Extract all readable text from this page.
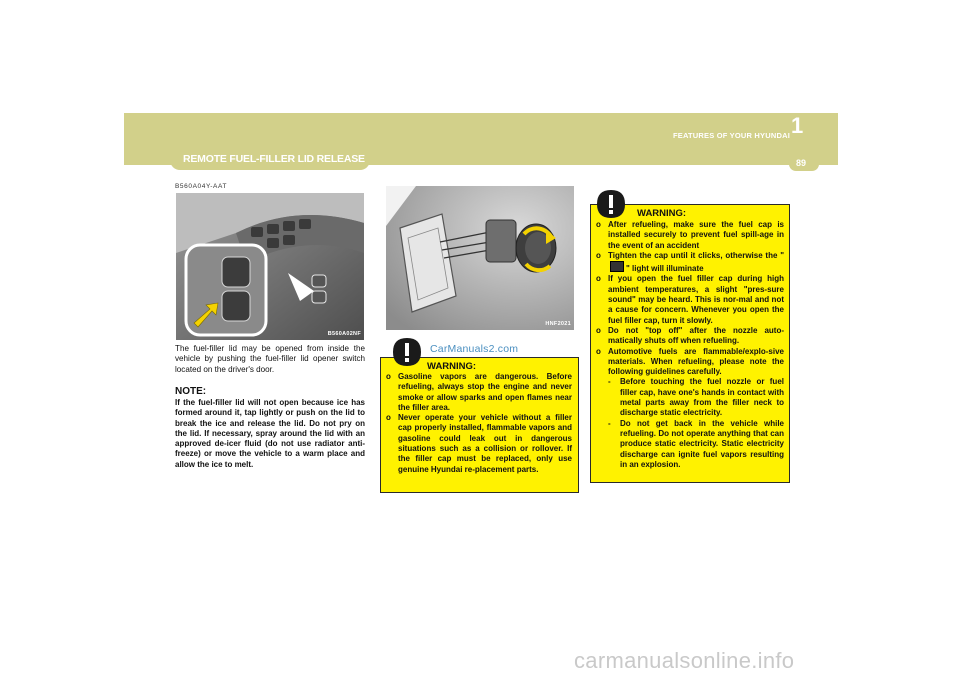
REMOTE FUEL-FILLER LID RELEASE
FEATURES OF YOUR HYUNDAI 1
89
B560A04Y-AAT
B560A02NF
The fuel-filler lid may be opened from inside the vehicle by pushing the fuel-filler lid opener switch located on the driver's door.
NOTE:
If the fuel-filler lid will not open because ice has formed around it, tap lightly or push on the lid to break the ice and release the lid. Do not pry on the lid. If necessary, spray around the lid with an approved de-icer fluid (do not use radiator anti-freeze) or move the vehicle to a warm place and allow the ice to melt.
HNF2021
CarManuals2.com
WARNING:
o Gasoline vapors are dangerous. Before refueling, always stop the engine and never smoke or allow sparks and open flames near the filler area.
o Never operate your vehicle without a filler cap properly installed, flammable vapors and gasoline could leak out in dangerous situations such as a collision or rollover. If the filler cap must be replaced, only use genuine Hyundai re-placement parts.
WARNING:
o After refueling, make sure the fuel cap is installed securely to prevent fuel spill-age in the event of an accident
o Tighten the cap until it clicks, otherwise the "" light will illuminate
o If you open the fuel filler cap during high ambient temperatures, a slight "pres-sure sound" may be heard. This is nor-mal and not a cause for concern. Whenever you open the fuel filler cap, turn it slowly.
o Do not "top off" after the nozzle auto-matically shuts off when refueling.
o Automotive fuels are flammable/explo-sive materials. When refueling, please note the following guidelines carefully.
- Before touching the fuel nozzle or fuel filler cap, have one's hands in contact with metal parts away from the filler neck to discharge static electricity.
- Do not get back in the vehicle while refueling. Do not operate anything that can produce static electricity. Static electricity discharge can ignite fuel vapors resulting in an explosion.
carmanualsonline.info
